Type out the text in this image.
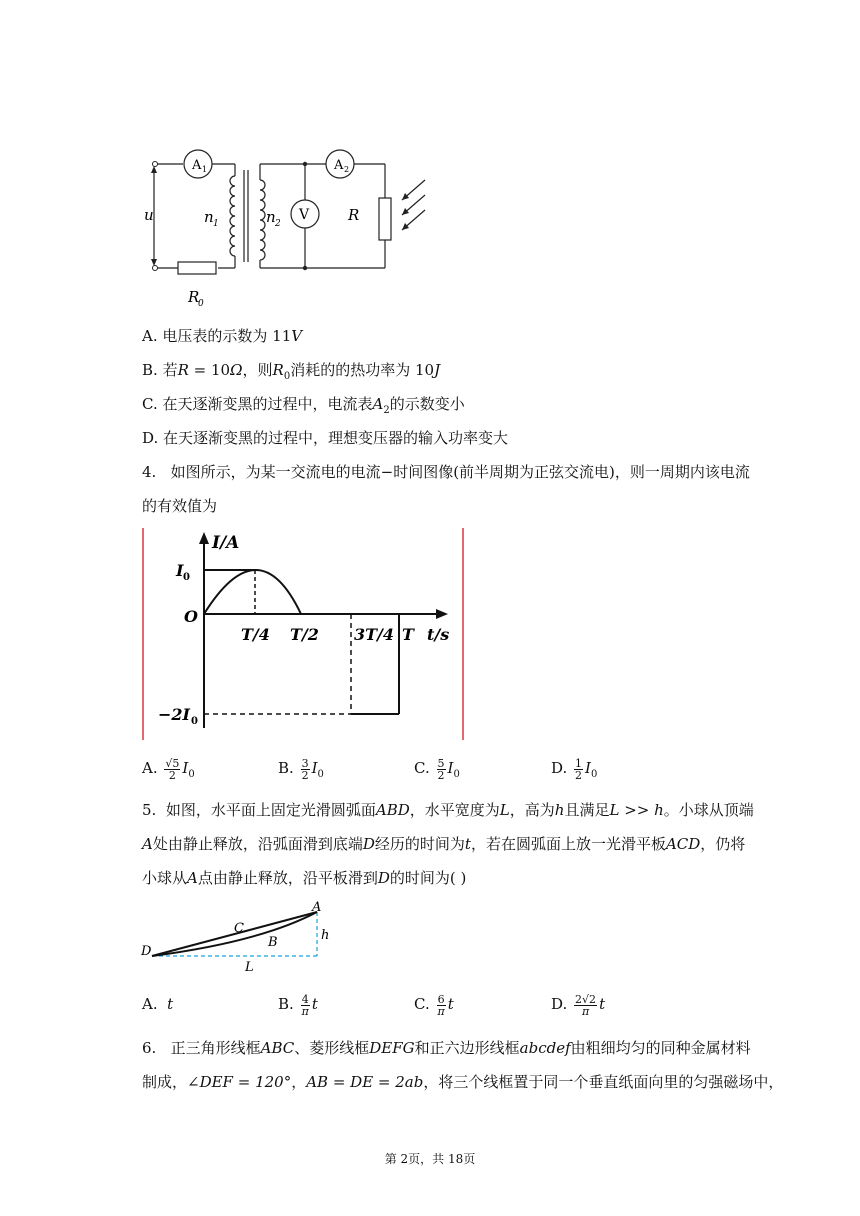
A 1	A 2
V
u	n 1	n 2	R
R
0
A. 电压表的示数为 11V
B. 若R = 10Ω，则$R_0$消耗的的热功率为 10J
C. 在天逐渐变黑的过程中，电流表$A_2$的示数变小
D. 在天逐渐变黑的过程中，理想变压器的输入功率变大
4. 如图所示，为某一交流电的电流−时间图像(前半周期为正弦交流电)，则一周期内该电流
的有效值为
I/A
I 0
O
T/4 T/2 3T/4 T t/s
−2I 0
A. $\frac{√5}{2} I_0$	B. $\frac{3}{2} I_0$	C. $\frac{5}{2} I_0$	D. $\frac{1}{2} I_0$
5. 如图，水平面上固定光滑圆弧面ABD，水平宽度为L，高为h且满足L >> h。小球从顶端
A处由静止释放，沿弧面滑到底端D经历的时间为t，若在圆弧面上放一光滑平板ACD，仍将
小球从A点由静止释放，沿平板滑到D的时间为( )
A
C
B	h
D
L
A. t	B. $\frac{4}{\pi}$ t	C. $\frac{6}{\pi}$ t	D. $\frac{2√2}{\pi}$ t
6. 正三角形线框ABC、菱形线框DEFG和正六边形线框abcdef由粗细均匀的同种金属材料
制成，∠DEF = 120°，AB = DE = 2ab，将三个线框置于同一个垂直纸面向里的匀强磁场中，
第 2页，共 18页
